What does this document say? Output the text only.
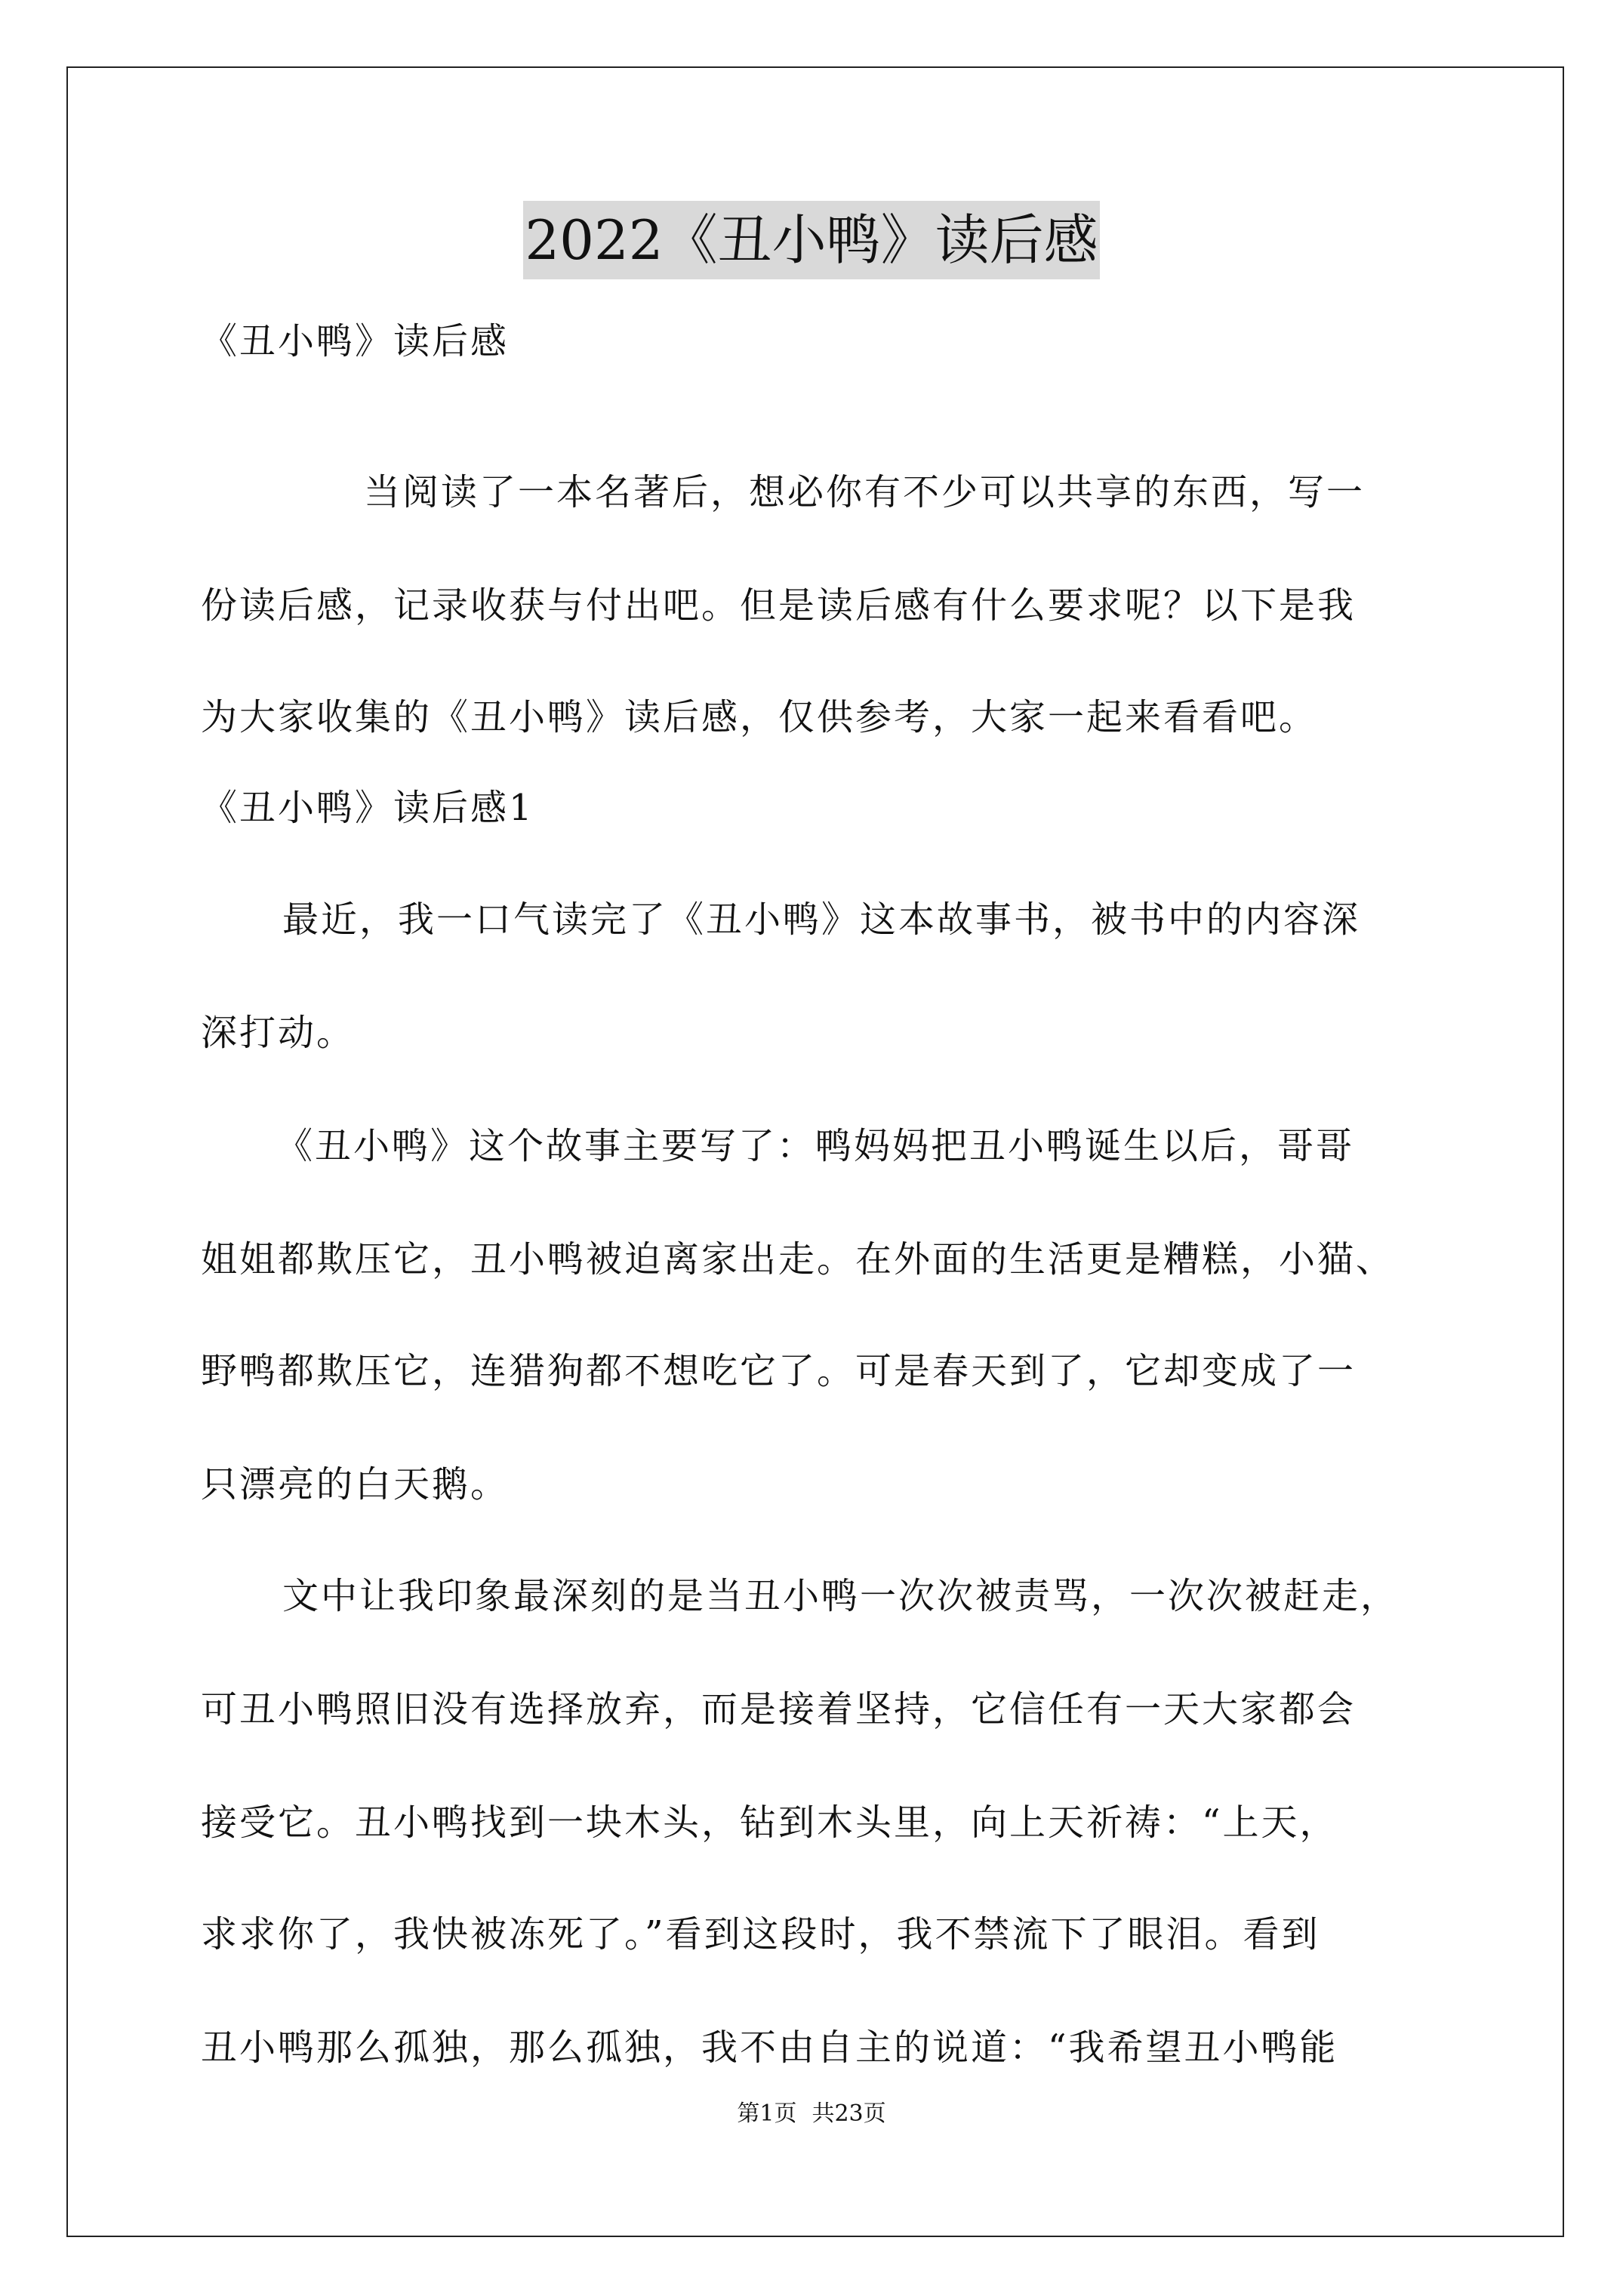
2022《丑小鸭》读后感
《丑小鸭》读后感
当阅读了一本名著后，想必你有不少可以共享的东西，写一
份读后感，记录收获与付出吧。但是读后感有什么要求呢？以下是我
为大家收集的《丑小鸭》读后感，仅供参考，大家一起来看看吧。
《丑小鸭》读后感1
最近，我一口气读完了《丑小鸭》这本故事书，被书中的内容深
深打动。
《丑小鸭》这个故事主要写了：鸭妈妈把丑小鸭诞生以后，哥哥
姐姐都欺压它，丑小鸭被迫离家出走。在外面的生活更是糟糕，小猫、
野鸭都欺压它，连猎狗都不想吃它了。可是春天到了，它却变成了一
只漂亮的白天鹅。
文中让我印象最深刻的是当丑小鸭一次次被责骂，一次次被赶走，
可丑小鸭照旧没有选择放弃，而是接着坚持，它信任有一天大家都会
接受它。丑小鸭找到一块木头，钻到木头里，向上天祈祷：“上天，
求求你了，我快被冻死了。”看到这段时，我不禁流下了眼泪。看到
丑小鸭那么孤独，那么孤独，我不由自主的说道：“我希望丑小鸭能
第1页 共23页
